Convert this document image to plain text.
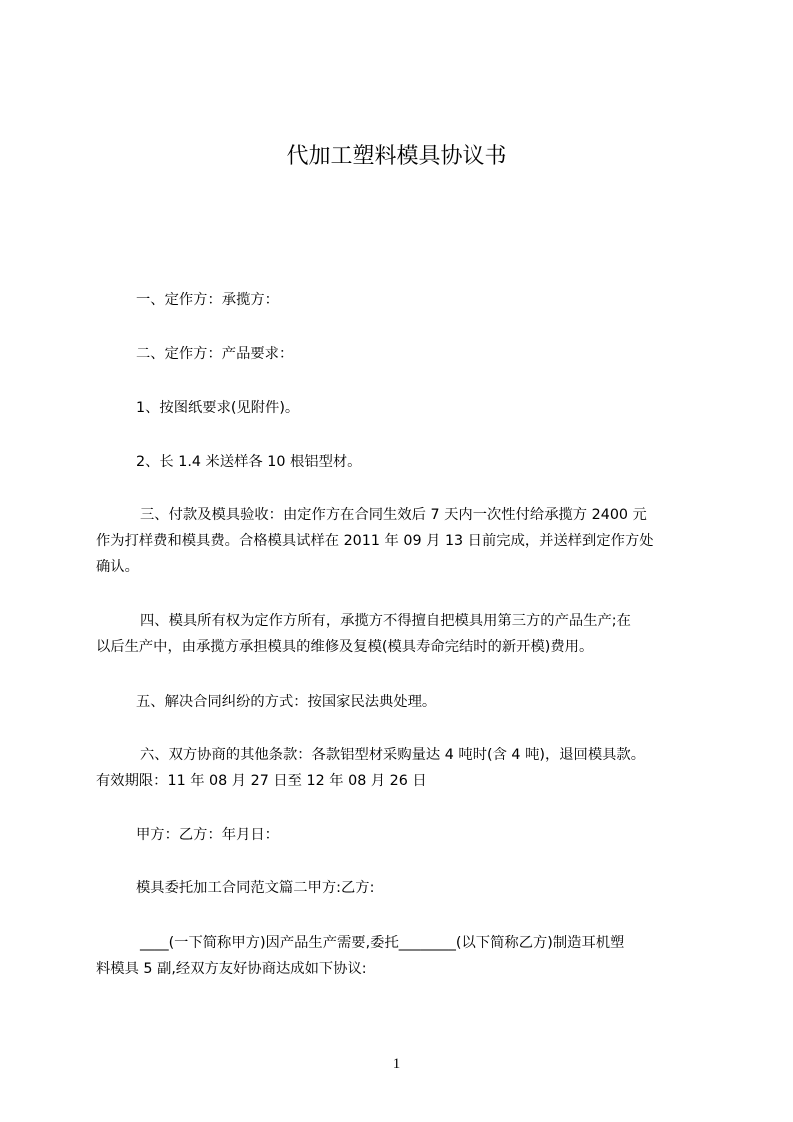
代加工塑料模具协议书
一、定作方：承揽方：
二、定作方：产品要求：
1、按图纸要求(见附件)。
2、长 1.4 米送样各 10 根铝型材。
三、付款及模具验收：由定作方在合同生效后 7 天内一次性付给承揽方 2400 元
作为打样费和模具费。合格模具试样在 2011 年 09 月 13 日前完成，并送样到定作方处
确认。
四、模具所有权为定作方所有，承揽方不得擅自把模具用第三方的产品生产;在
以后生产中，由承揽方承担模具的维修及复模(模具寿命完结时的新开模)费用。
五、解决合同纠纷的方式：按国家民法典处理。
六、双方协商的其他条款：各款铝型材采购量达 4 吨时(含 4 吨)，退回模具款。
有效期限：11 年 08 月 27 日至 12 年 08 月 26 日
甲方：乙方：年月日：
模具委托加工合同范文篇二甲方:乙方:
____(一下简称甲方)因产品生产需要,委托________(以下简称乙方)制造耳机塑
料模具 5 副,经双方友好协商达成如下协议:
1
